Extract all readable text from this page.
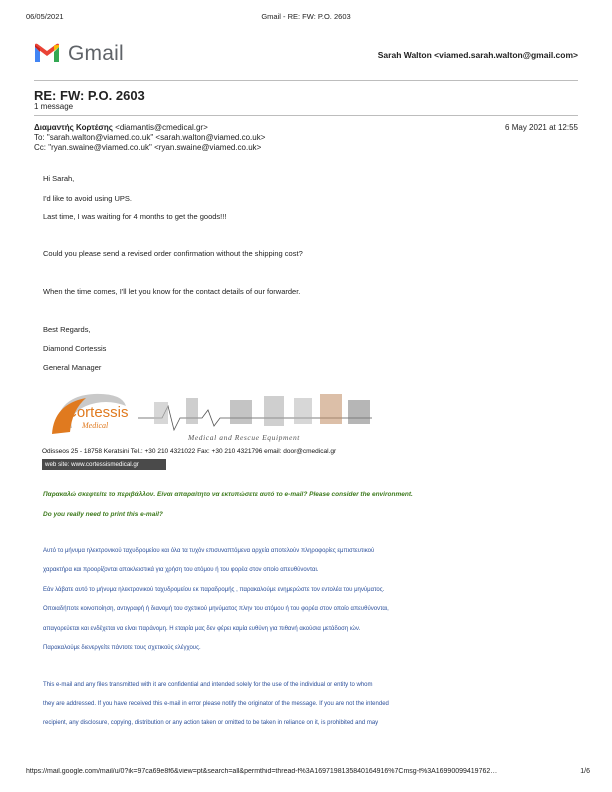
06/05/2021	Gmail - RE: FW: P.O. 2603
Gmail	Sarah Walton <viamed.sarah.walton@gmail.com>
RE: FW: P.O. 2603
1 message
Διαμαντής Κορτέσης <diamantis@cmedical.gr>	6 May 2021 at 12:55
To: "sarah.walton@viamed.co.uk" <sarah.walton@viamed.co.uk>
Cc: "ryan.swaine@viamed.co.uk" <ryan.swaine@viamed.co.uk>
Hi Sarah,
I'd like to avoid using UPS.
Last time, I was waiting for 4 months to get the goods!!!
Could you please send a revised order confirmation without the shipping cost?
When the time comes, I'll let you know for the contact details of our forwarder.
Best Regards,
Diamond Cortessis
General Manager
Cortessis
Medical
Medical and Rescue Equipment
Odisseos 25 - 18758 Keratsini Tel.: +30 210 4321022 Fax: +30 210 4321796 email: door@cmedical.gr
web site: www.cortessismedical.gr
Παρακαλώ σκεφτείτε το περιβάλλον. Είναι απαραίτητο να εκτυπώσετε αυτό το e-mail? Please consider the environment.
Do you really need to print this e-mail?
Αυτό το μήνυμα ηλεκτρονικού ταχυδρομείου και όλα τα τυχόν επισυναπτόμενα αρχεία αποτελούν πληροφορίες εμπιστευτικού
χαρακτήρα και προορίζονται αποκλειστικά για χρήση του ατόμου ή του φορέα στον οποίο απευθύνονται.
Εάν λάβατε αυτό το μήνυμα ηλεκτρονικού ταχυδρομείου εκ παραδρομής , παρακαλούμε ενημερώστε τον εντολέα του μηνύματος.
Οποιαδήποτε κοινοποίηση, αντιγραφή ή διανομή του σχετικού μηνύματος πλην του ατόμου ή του φορέα στον οποίο απευθύνονται,
απαγορεύεται και ενδέχεται να είναι παράνομη. Η εταιρία μας δεν φέρει καμία ευθύνη για πιθανή ακούσια μετάδοση ιών.
Παρακαλούμε διενεργείτε πάντοτε τους σχετικούς ελέγχους.
This e-mail and any files transmitted with it are confidential and intended solely for the use of the individual or entity to whom
they are addressed. If you have received this e-mail in error please notify the originator of the message. If you are not the intended
recipient, any disclosure, copying, distribution or any action taken or omitted to be taken in reliance on it, is prohibited and may
https://mail.google.com/mail/u/0?ik=97ca69e8f6&view=pt&search=all&permthid=thread-f%3A1697198135840164916%7Cmsg-f%3A16990099419762…	1/6
